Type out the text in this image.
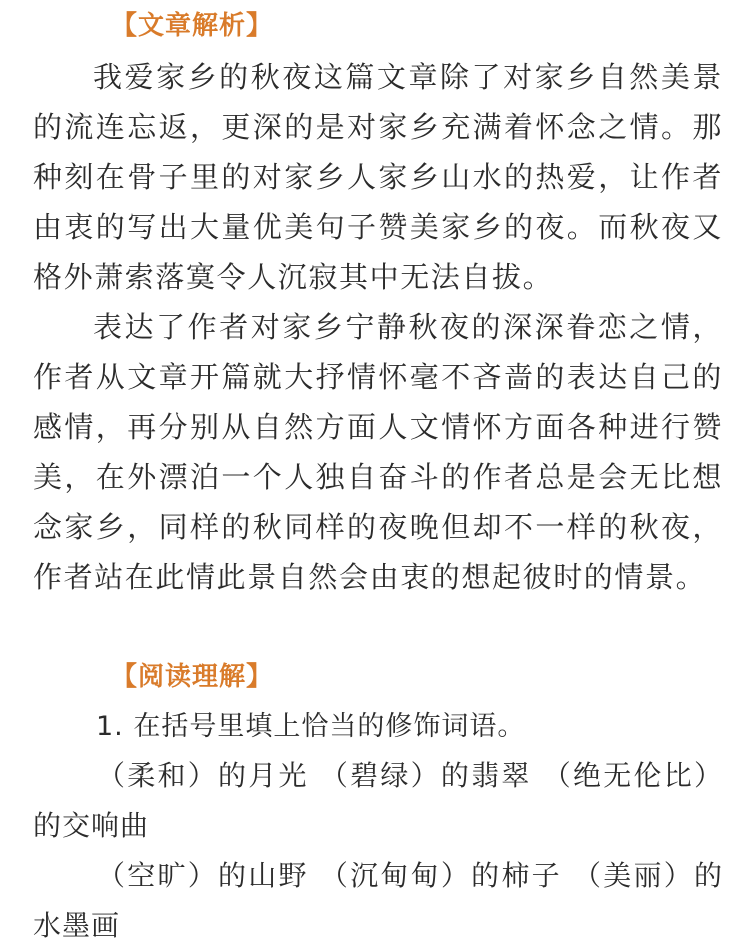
【文章解析】

我爱家乡的秋夜这篇文章除了对家乡自然美景的流连忘返，更深的是对家乡充满着怀念之情。那种刻在骨子里的对家乡人家乡山水的热爱，让作者由衷的写出大量优美句子赞美家乡的夜。而秋夜又格外萧索落寞令人沉寂其中无法自拔。

表达了作者对家乡宁静秋夜的深深眷恋之情，作者从文章开篇就大抒情怀毫不吝啬的表达自己的感情，再分别从自然方面人文情怀方面各种进行赞美，在外漂泊一个人独自奋斗的作者总是会无比想念家乡，同样的秋同样的夜晚但却不一样的秋夜，作者站在此情此景自然会由衷的想起彼时的情景。

【阅读理解】
1. 在括号里填上恰当的修饰词语。

（柔和）的月光 （碧绿）的翡翠 （绝无伦比）的交响曲

（空旷）的山野 （沉甸甸）的柿子 （美丽）的水墨画
